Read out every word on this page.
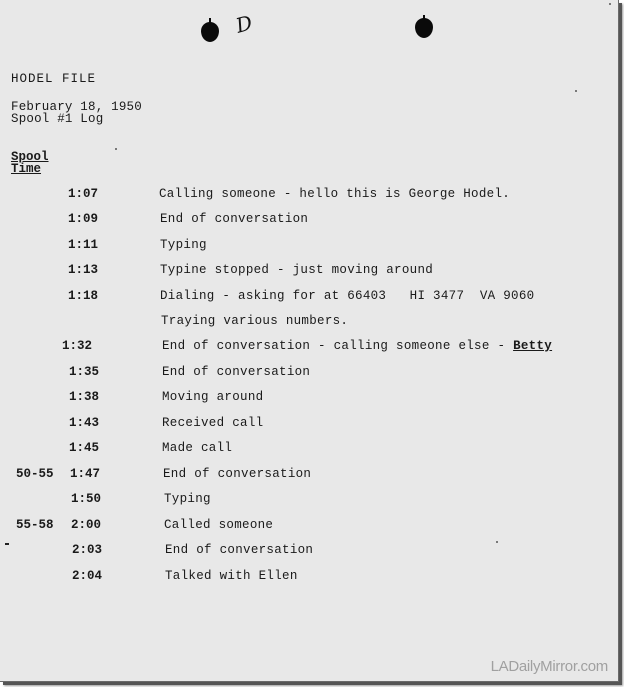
D
HODEL FILE
February 18, 1950
Spool #1 Log
Spool
Time
1:07	Calling someone - hello this is George Hodel.
1:09	End of conversation
1:11	Typing
1:13	Typine stopped - just moving around
1:18	Dialing - asking for at 66403   HI 3477  VA 9060
Traying various numbers.
1:32	End of conversation - calling someone else - Betty
1:35	End of conversation
1:38	Moving around
1:43	Received call
1:45	Made call
50-55 1:47	End of conversation
1:50	Typing
55-58 2:00	Called someone
2:03	End of conversation
2:04	Talked with Ellen
LADailyMirror.com
